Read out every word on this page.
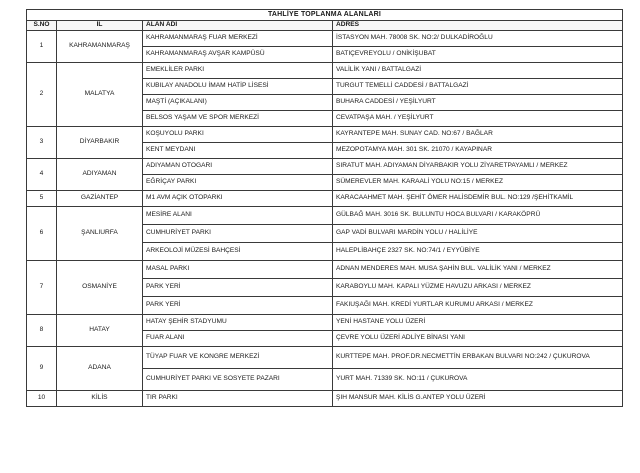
TAHLİYE TOPLANMA ALANLARI			
S.NO	İL	ALAN ADI	ADRES
1	KAHRAMANMARAŞ	KAHRAMANMARAŞ FUAR MERKEZİ	İSTASYON MAH. 78008 SK. NO:2/ DULKADİROĞLU
		KAHRAMANMARAŞ AVŞAR KAMPÜSÜ	BATIÇEVREYOLU / ONİKİŞUBAT
2	MALATYA	EMEKLİLER PARKI	VALİLİK YANI / BATTALGAZİ
		KUBILAY ANADOLU İMAM HATİP LİSESİ	TURGUT TEMELLİ CADDESİ / BATTALGAZİ
		MAŞTİ (AÇIKALANI)	BUHARA CADDESİ / YEŞİLYURT
		BELSOS YAŞAM VE SPOR MERKEZİ	CEVATPAŞA MAH. / YEŞİLYURT
3	DİYARBAKIR	KOŞUYOLU PARKI	KAYRANTEPE MAH. SUNAY CAD. NO:67 / BAĞLAR
		KENT MEYDANI	MEZOPOTAMYA MAH. 301 SK. 21070 / KAYAPINAR
4	ADIYAMAN	ADIYAMAN OTOGARI	SIRATUT MAH. ADIYAMAN DİYARBAKIR YOLU ZİYARETPAYAMLI / MERKEZ
		EĞRİÇAY PARKI	SÜMEREVLER MAH. KARAALİ YOLU NO:15 / MERKEZ
5	GAZİANTEP	M1 AVM AÇIK OTOPARKI	KARACAAHMET MAH. ŞEHİT ÖMER HALİSDEMİR BUL. NO:129 /ŞEHİTKAMİL
6	ŞANLIURFA	MESİRE ALANI	GÜLBAĞ MAH. 3016 SK. BULUNTU HOCA BULVARI / KARAKÖPRÜ
		CUMHURİYET PARKI	GAP VADİ BULVARI MARDİN YOLU / HALİLİYE
		ARKEOLOJİ MÜZESİ BAHÇESİ	HALEPLİBAHÇE 2327 SK. NO:74/1 / EYYÜBİYE
7	OSMANİYE	MASAL PARKI	ADNAN MENDERES MAH. MUSA ŞAHİN BUL. VALİLİK YANI / MERKEZ
		PARK YERİ	KARABOYLU MAH. KAPALI YÜZME HAVUZU ARKASI / MERKEZ
		PARK YERİ	FAKIUŞAĞI MAH. KREDİ YURTLAR KURUMU ARKASI / MERKEZ
8	HATAY	HATAY ŞEHİR STADYUMU	YENİ HASTANE YOLU ÜZERİ
		FUAR ALANI	ÇEVRE YOLU ÜZERİ ADLİYE BİNASI YANI
9	ADANA	TÜYAP FUAR VE KONGRE MERKEZİ	KURTTEPE MAH. PROF.DR.NECMETTİN ERBAKAN BULVARI NO:242 / ÇUKUROVA
		CUMHURİYET PARKI VE SOSYETE PAZARI	YURT MAH. 71339 SK. NO:11 / ÇUKUROVA
10	KİLİS	TIR PARKI	ŞIH MANSUR MAH. KİLİS G.ANTEP YOLU ÜZERİ
